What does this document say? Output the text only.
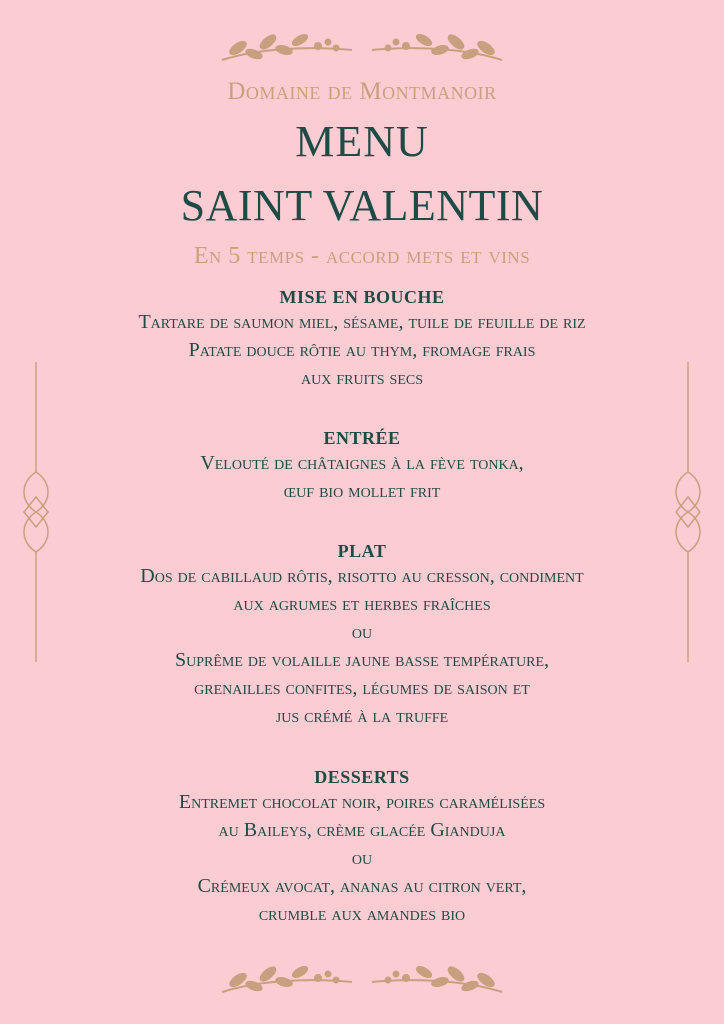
Domaine de Montmanoir
MENU
SAINT VALENTIN
En 5 temps - accord mets et vins
MISE EN BOUCHE
Tartare de saumon miel, sésame, tuile de feuille de riz
Patate douce rôtie au thym, fromage frais
aux fruits secs
ENTRÉE
Velouté de châtaignes à la fève tonka,
œuf bio mollet frit
PLAT
Dos de cabillaud rôtis, risotto au cresson, condiment
aux agrumes et herbes fraîches
ou
Suprême de volaille jaune basse température,
grenailles confites, légumes de saison et
jus crémé à la truffe
DESSERTS
Entremet chocolat noir, poires caramélisées
au Baileys, crème glacée Gianduja
ou
Crémeux avocat, ananas au citron vert,
crumble aux amandes bio
